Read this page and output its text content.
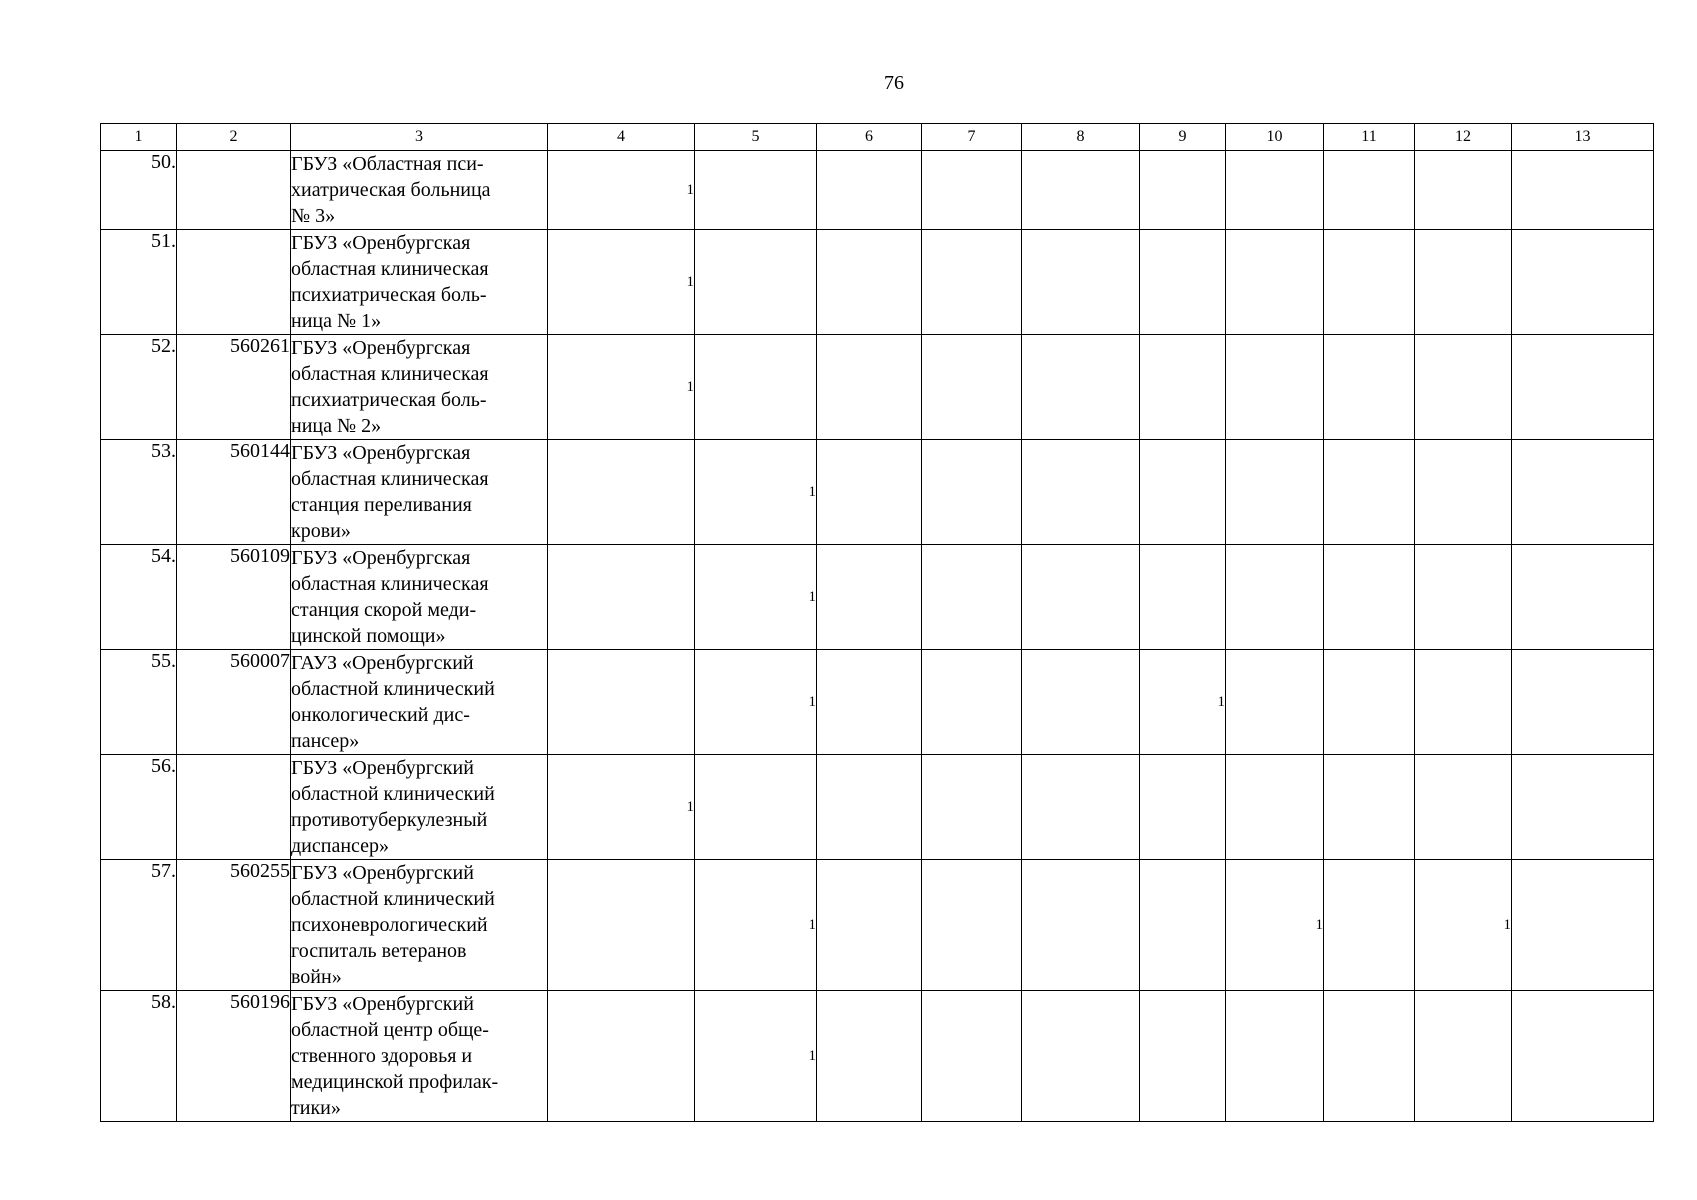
76
1	2	3	4	5	6	7	8	9	10	11	12	13
50.		ГБУЗ «Областная пси-
хиатрическая больница
№ 3»	1									
51.		ГБУЗ «Оренбургская
областная клиническая
психиатрическая боль-
ница № 1»	1									
52.	560261	ГБУЗ «Оренбургская
областная клиническая
психиатрическая боль-
ница № 2»	1									
53.	560144	ГБУЗ «Оренбургская
областная клиническая
станция переливания
крови»		1								
54.	560109	ГБУЗ «Оренбургская
областная клиническая
станция скорой меди-
цинской помощи»		1								
55.	560007	ГАУЗ «Оренбургский
областной клинический
онкологический дис-
пансер»		1				1				
56.		ГБУЗ «Оренбургский
областной клинический
противотуберкулезный
диспансер»	1									
57.	560255	ГБУЗ «Оренбургский
областной клинический
психоневрологический
госпиталь ветеранов
войн»		1					1		1	
58.	560196	ГБУЗ «Оренбургский
областной центр обще-
ственного здоровья и
медицинской профилак-
тики»		1								
